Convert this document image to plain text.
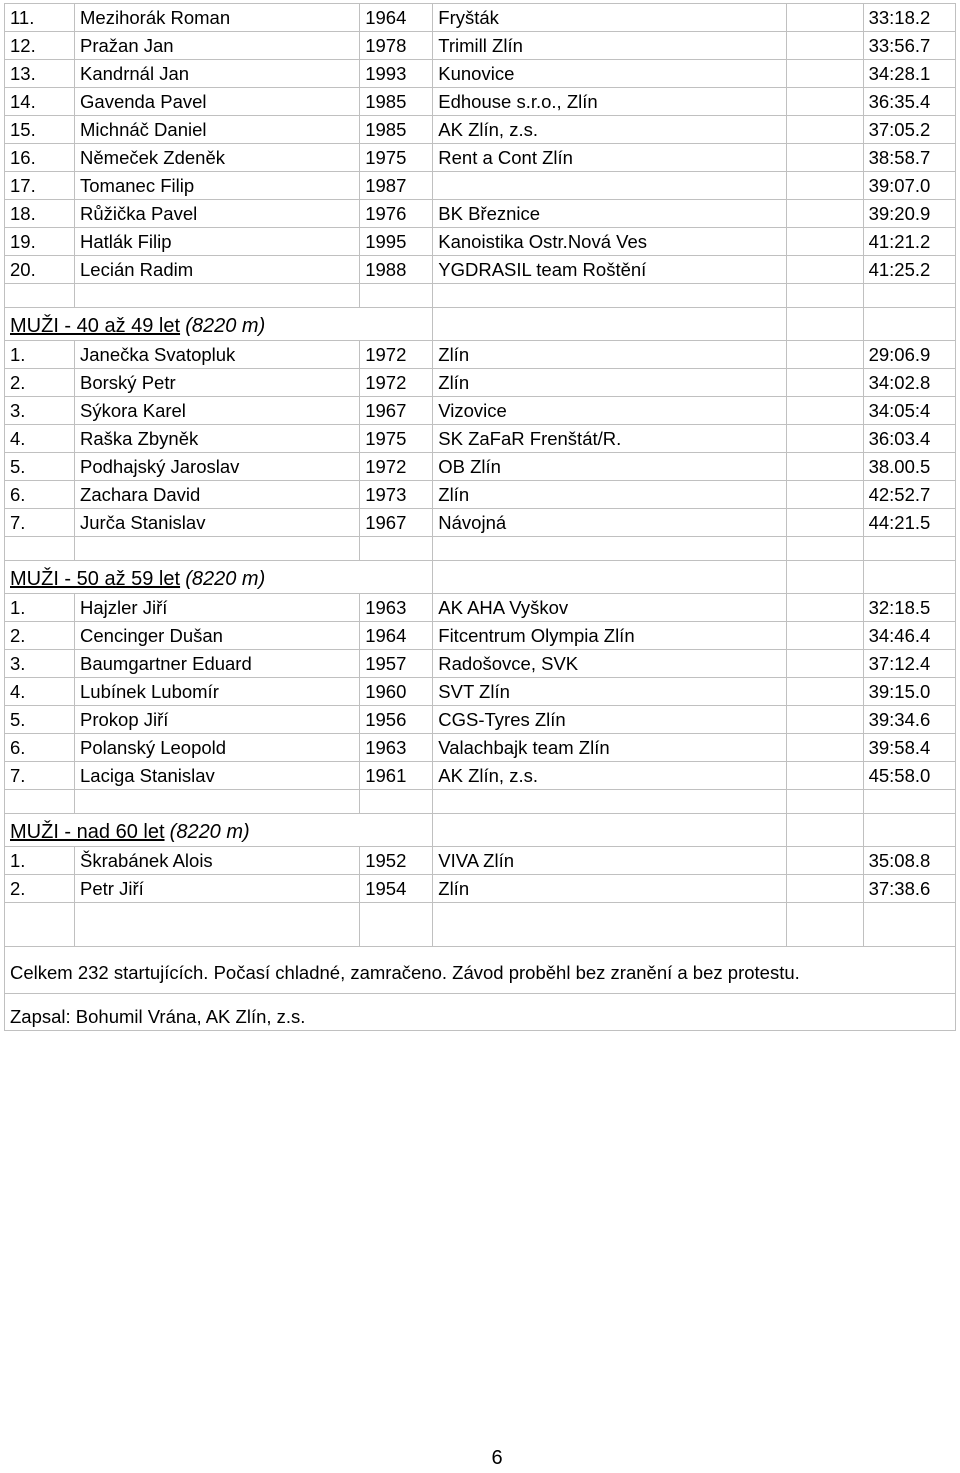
11.	Mezihorák Roman	1964	Fryšták		33:18.2
12.	Pražan Jan	1978	Trimill Zlín		33:56.7
13.	Kandrnál Jan	1993	Kunovice		34:28.1
14.	Gavenda Pavel	1985	Edhouse s.r.o., Zlín		36:35.4
15.	Michnáč Daniel	1985	AK Zlín, z.s.		37:05.2
16.	Němeček Zdeněk	1975	Rent a Cont Zlín		38:58.7
17.	Tomanec Filip	1987			39:07.0
18.	Růžička Pavel	1976	BK Březnice		39:20.9
19.	Hatlák Filip	1995	Kanoistika Ostr.Nová Ves		41:21.2
20.	Lecián Radim	1988	YGDRASIL team Roštění		41:25.2

MUŽI - 40 až 49 let (8220 m)					
1.	Janečka Svatopluk	1972	Zlín		29:06.9
2.	Borský Petr	1972	Zlín		34:02.8
3.	Sýkora Karel	1967	Vizovice		34:05:4
4.	Raška Zbyněk	1975	SK ZaFaR Frenštát/R.		36:03.4
5.	Podhajský Jaroslav	1972	OB Zlín		38.00.5
6.	Zachara David	1973	Zlín		42:52.7
7.	Jurča Stanislav	1967	Návojná		44:21.5

MUŽI - 50 až 59 let (8220 m)					
1.	Hajzler Jiří	1963	AK AHA Vyškov		32:18.5
2.	Cencinger Dušan	1964	Fitcentrum Olympia Zlín		34:46.4
3.	Baumgartner Eduard	1957	Radošovce, SVK		37:12.4
4.	Lubínek Lubomír	1960	SVT Zlín		39:15.0
5.	Prokop Jiří	1956	CGS-Tyres Zlín		39:34.6
6.	Polanský Leopold	1963	Valachbajk team Zlín		39:58.4
7.	Laciga Stanislav	1961	AK Zlín, z.s.		45:58.0

MUŽI - nad 60 let (8220 m)					
1.	Škrabánek Alois	1952	VIVA Zlín		35:08.8
2.	Petr Jiří	1954	Zlín		37:38.6

Celkem 232 startujících. Počasí chladné, zamračeno. Závod proběhl bez zranění a bez protestu.					
Zapsal: Bohumil Vrána, AK Zlín, z.s.					
6
